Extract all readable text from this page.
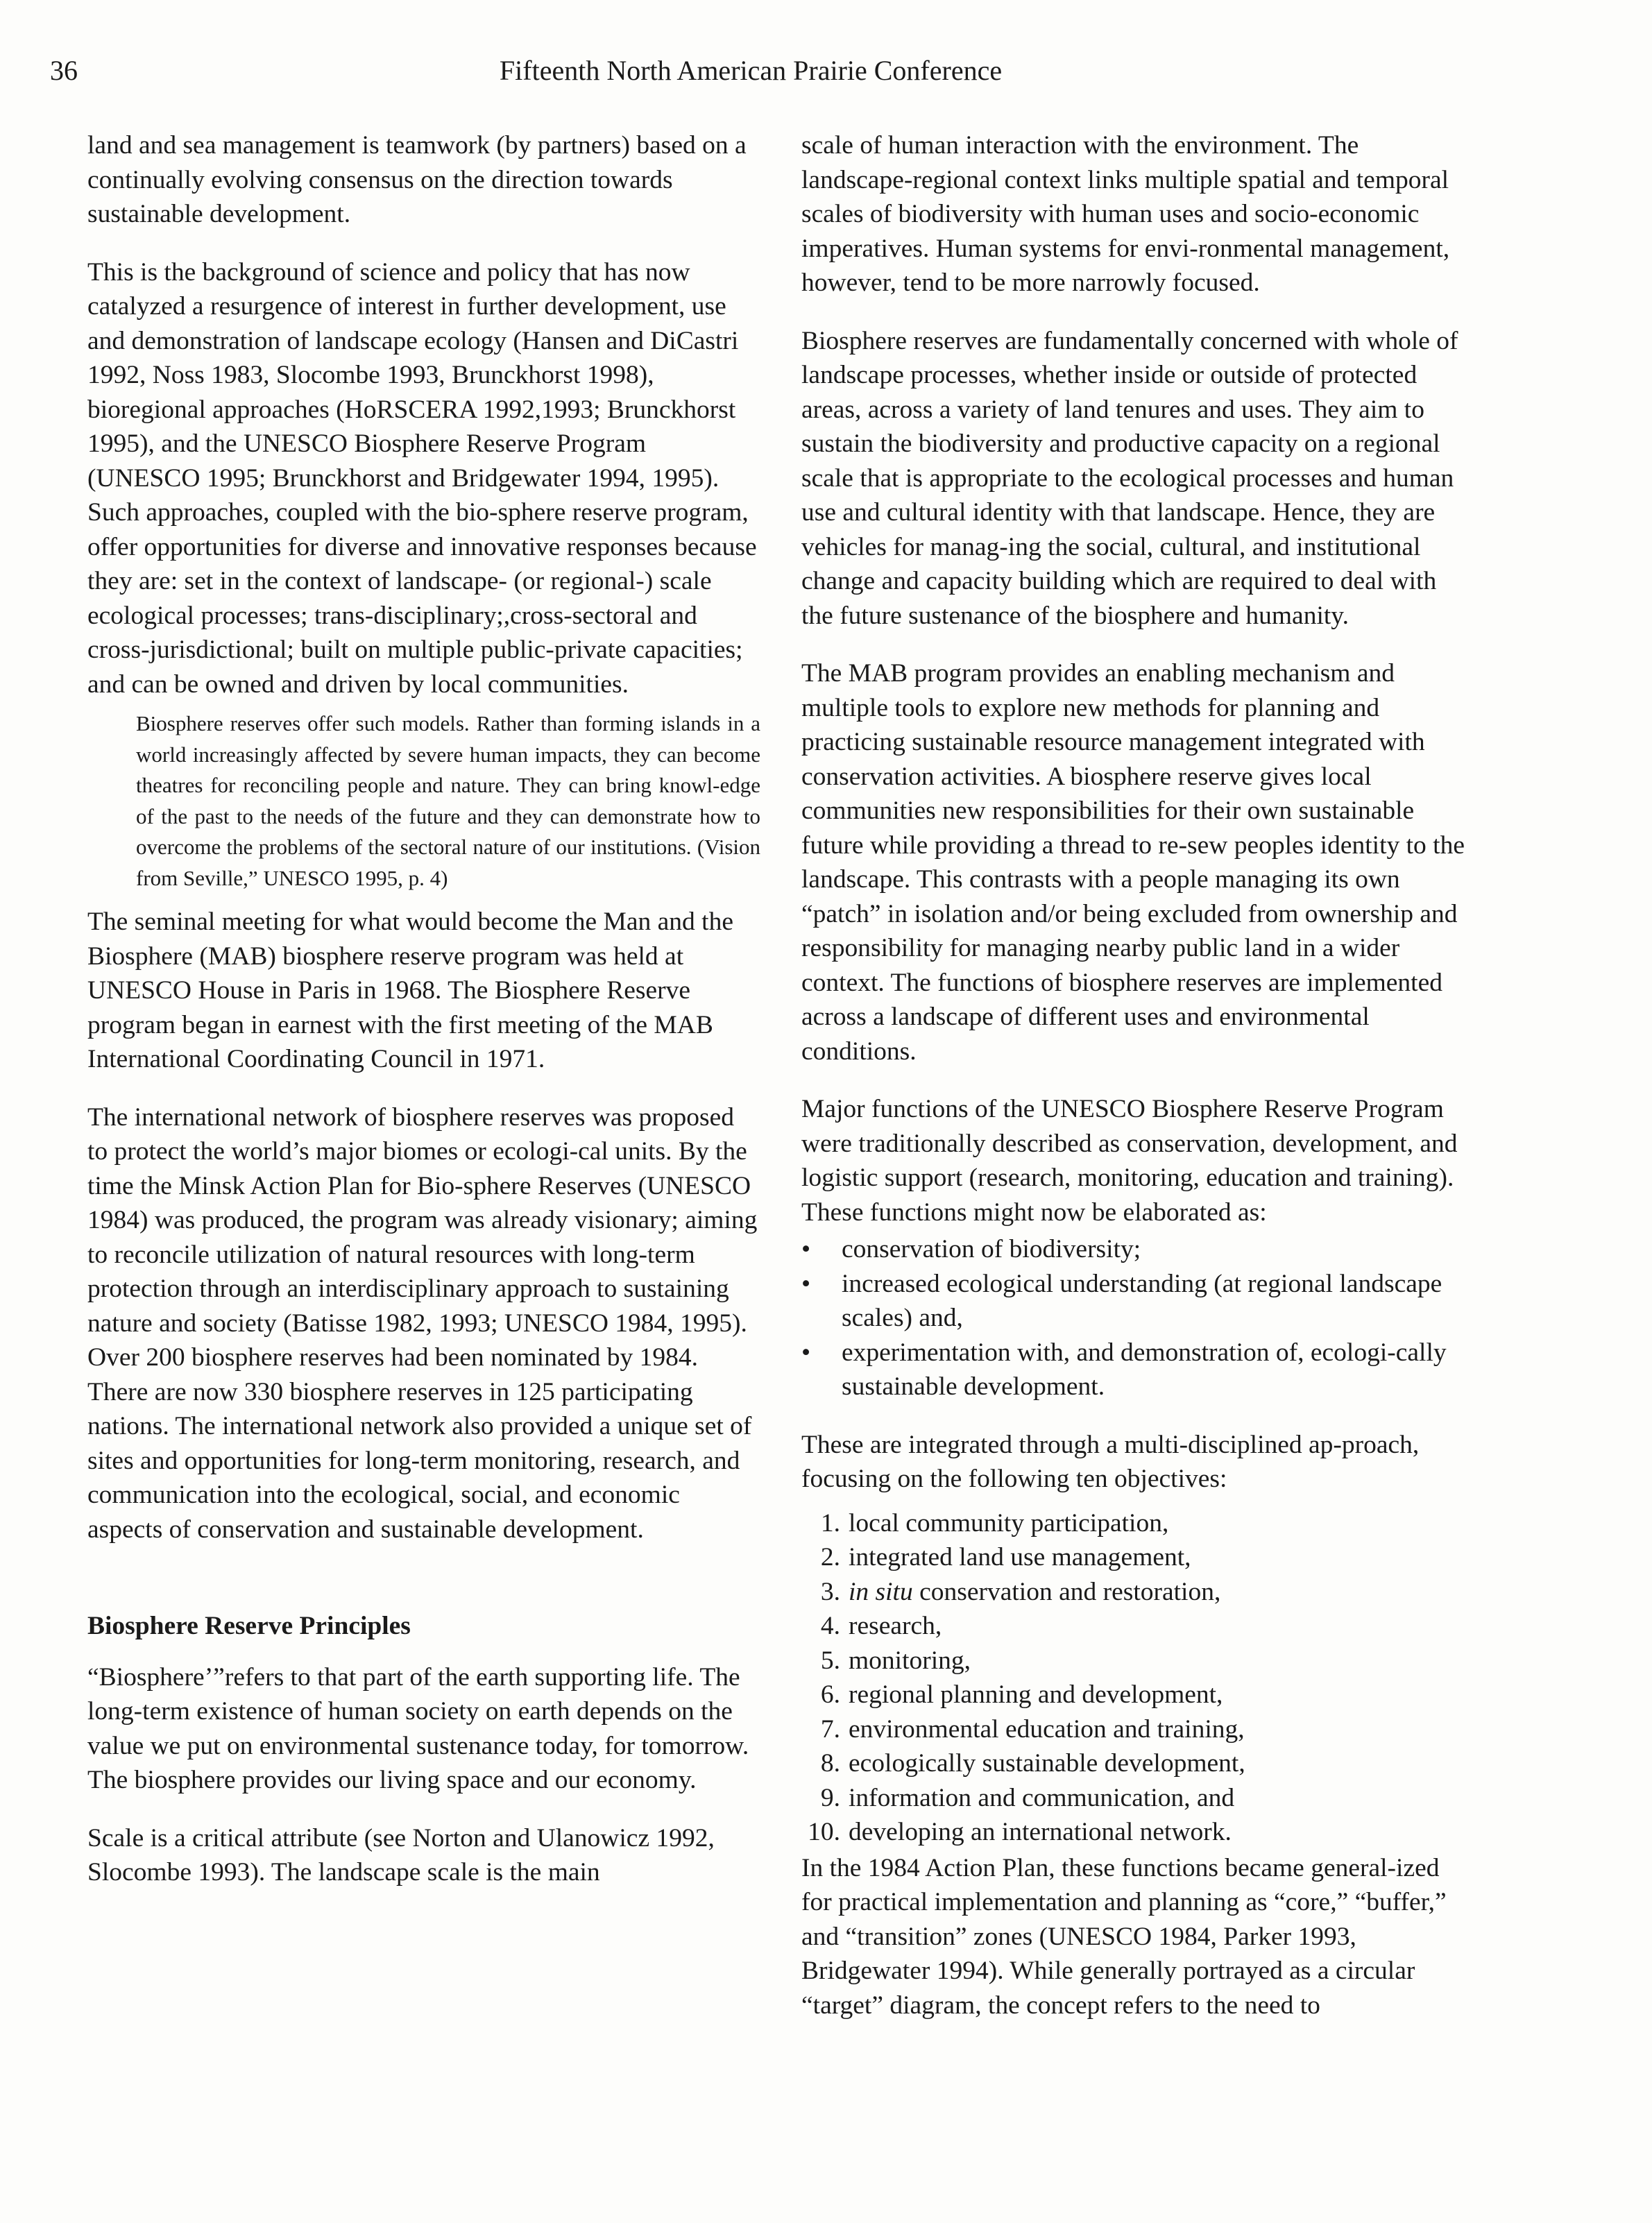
36	Fifteenth North American Prairie Conference

land and sea management is teamwork (by partners) based on a continually evolving consensus on the direction towards sustainable development.

This is the background of science and policy that has now catalyzed a resurgence of interest in further development, use and demonstration of landscape ecology (Hansen and DiCastri 1992, Noss 1983, Slocombe 1993, Brunckhorst 1998), bioregional approaches (HoRSCERA 1992,1993; Brunckhorst 1995), and the UNESCO Biosphere Reserve Program (UNESCO 1995; Brunckhorst and Bridgewater 1994, 1995). Such approaches, coupled with the bio-sphere reserve program, offer opportunities for diverse and innovative responses because they are: set in the context of landscape- (or regional-) scale ecological processes; trans-disciplinary;,cross-sectoral and cross-jurisdictional; built on multiple public-private capacities; and can be owned and driven by local communities.

Biosphere reserves offer such models. Rather than forming islands in a world increasingly affected by severe human impacts, they can become theatres for reconciling people and nature. They can bring knowl-edge of the past to the needs of the future and they can demonstrate how to overcome the problems of the sectoral nature of our institutions. (Vision from Seville,” UNESCO 1995, p. 4)

The seminal meeting for what would become the Man and the Biosphere (MAB) biosphere reserve program was held at UNESCO House in Paris in 1968. The Biosphere Reserve program began in earnest with the first meeting of the MAB International Coordinating Council in 1971.

The international network of biosphere reserves was proposed to protect the world’s major biomes or ecologi-cal units. By the time the Minsk Action Plan for Bio-sphere Reserves (UNESCO 1984) was produced, the program was already visionary; aiming to reconcile utilization of natural resources with long-term protection through an interdisciplinary approach to sustaining nature and society (Batisse 1982, 1993; UNESCO 1984, 1995). Over 200 biosphere reserves had been nominated by 1984. There are now 330 biosphere reserves in 125 participating nations. The international network also provided a unique set of sites and opportunities for long-term monitoring, research, and communication into the ecological, social, and economic aspects of conservation and sustainable development.

Biosphere Reserve Principles

“Biosphere’”refers to that part of the earth supporting life. The long-term existence of human society on earth depends on the value we put on environmental sustenance today, for tomorrow. The biosphere provides our living space and our economy.

Scale is a critical attribute (see Norton and Ulanowicz 1992, Slocombe 1993). The landscape scale is the main

scale of human interaction with the environment. The landscape-regional context links multiple spatial and temporal scales of biodiversity with human uses and socio-economic imperatives. Human systems for envi-ronmental management, however, tend to be more narrowly focused.

Biosphere reserves are fundamentally concerned with whole of landscape processes, whether inside or outside of protected areas, across a variety of land tenures and uses. They aim to sustain the biodiversity and productive capacity on a regional scale that is appropriate to the ecological processes and human use and cultural identity with that landscape. Hence, they are vehicles for manag-ing the social, cultural, and institutional change and capacity building which are required to deal with the future sustenance of the biosphere and humanity.

The MAB program provides an enabling mechanism and multiple tools to explore new methods for planning and practicing sustainable resource management integrated with conservation activities. A biosphere reserve gives local communities new responsibilities for their own sustainable future while providing a thread to re-sew peoples identity to the landscape. This contrasts with a people managing its own “patch” in isolation and/or being excluded from ownership and responsibility for managing nearby public land in a wider context. The functions of biosphere reserves are implemented across a landscape of different uses and environmental conditions.

Major functions of the UNESCO Biosphere Reserve Program were traditionally described as conservation, development, and logistic support (research, monitoring, education and training). These functions might now be elaborated as:

• conservation of biodiversity;
• increased ecological understanding (at regional landscape scales) and,
• experimentation with, and demonstration of, ecologi-cally sustainable development.

These are integrated through a multi-disciplined ap-proach, focusing on the following ten objectives:

1. local community participation,
2. integrated land use management,
3. in situ conservation and restoration,
4. research,
5. monitoring,
6. regional planning and development,
7. environmental education and training,
8. ecologically sustainable development,
9. information and communication, and
10. developing an international network.

In the 1984 Action Plan, these functions became general-ized for practical implementation and planning as “core,” “buffer,” and “transition” zones (UNESCO 1984, Parker 1993, Bridgewater 1994). While generally portrayed as a circular “target” diagram, the concept refers to the need to
